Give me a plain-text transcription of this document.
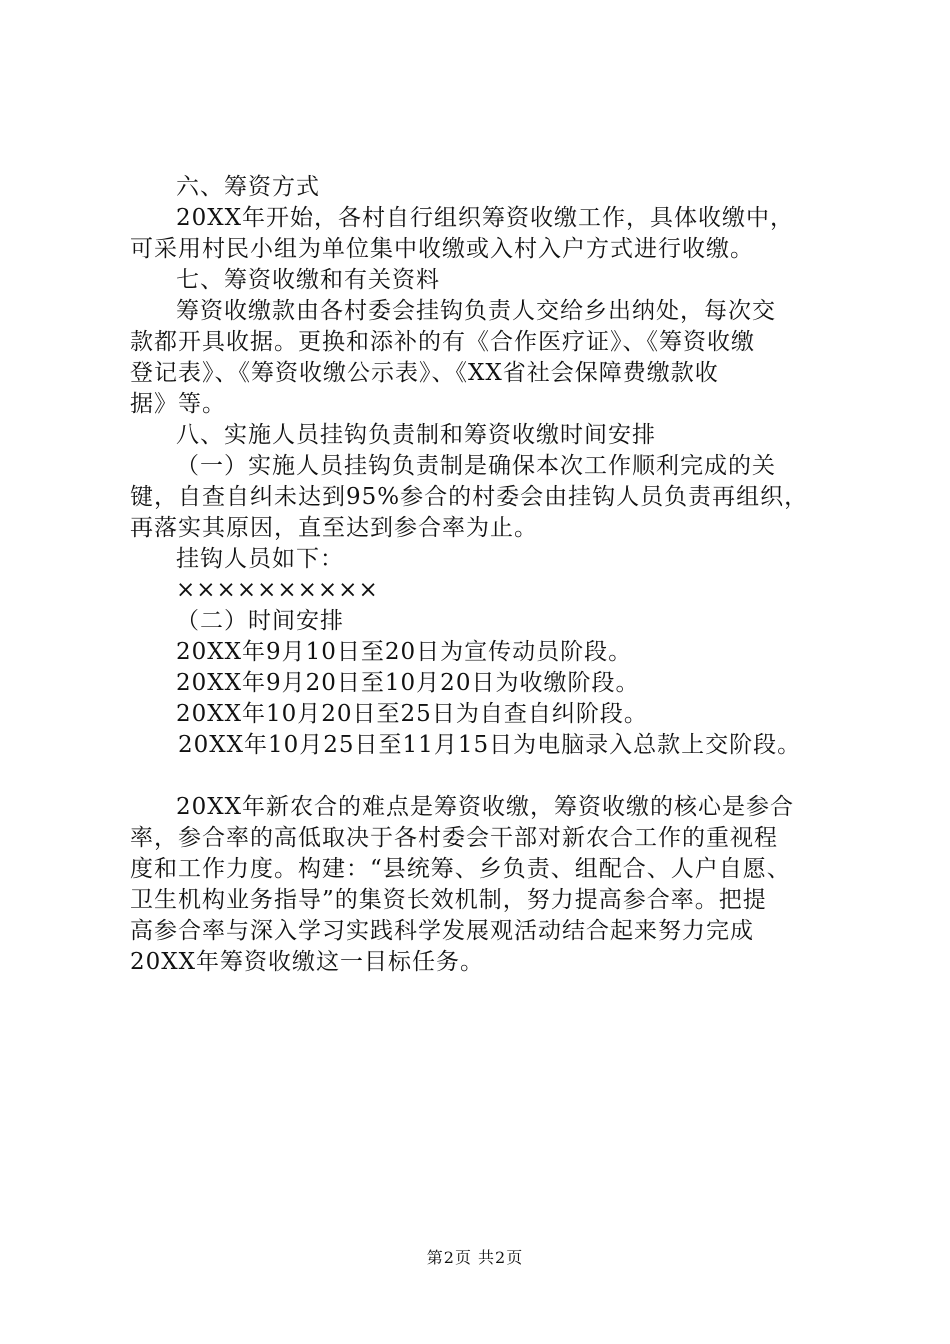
六、筹资方式
20XX年开始，各村自行组织筹资收缴工作，具体收缴中，
可采用村民小组为单位集中收缴或入村入户方式进行收缴。
七、筹资收缴和有关资料
筹资收缴款由各村委会挂钩负责人交给乡出纳处，每次交
款都开具收据。更换和添补的有《合作医疗证》、《筹资收缴
登记表》、《筹资收缴公示表》、《XX省社会保障费缴款收
据》等。
八、实施人员挂钩负责制和筹资收缴时间安排
（一）实施人员挂钩负责制是确保本次工作顺利完成的关
键，自查自纠未达到95%参合的村委会由挂钩人员负责再组织，
再落实其原因，直至达到参合率为止。
挂钩人员如下：
××××××××××
（二）时间安排
20XX年9月10日至20日为宣传动员阶段。
20XX年9月20日至10月20日为收缴阶段。
20XX年10月20日至25日为自查自纠阶段。
20XX年10月25日至11月15日为电脑录入总款上交阶段。
20XX年新农合的难点是筹资收缴，筹资收缴的核心是参合
率，参合率的高低取决于各村委会干部对新农合工作的重视程
度和工作力度。构建：“县统筹、乡负责、组配合、人户自愿、
卫生机构业务指导”的集资长效机制，努力提高参合率。把提
高参合率与深入学习实践科学发展观活动结合起来努力完成
20XX年筹资收缴这一目标任务。
第2页 共2页
